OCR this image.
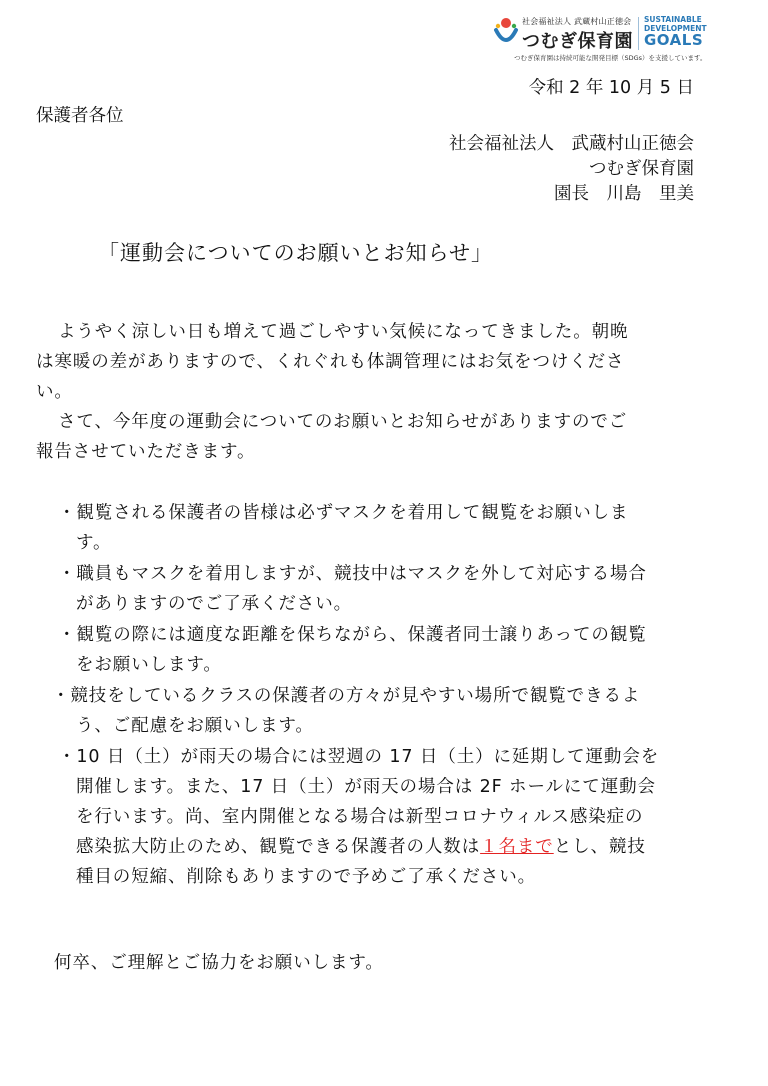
社会福祉法人 武蔵村山正徳会
つむぎ保育園
SUSTAINABLE
DEVELOPMENT
GOALS
つむぎ保育園は持続可能な開発目標（SDGs）を支援しています。
令和 2 年 10 月 5 日
保護者各位
社会福祉法人　武蔵村山正徳会
つむぎ保育園
園長　川島　里美
「運動会についてのお願いとお知らせ」
ようやく涼しい日も増えて過ごしやすい気候になってきました。朝晩
は寒暖の差がありますので、くれぐれも体調管理にはお気をつけくださ
い。
さて、今年度の運動会についてのお願いとお知らせがありますのでご
報告させていただきます。
・観覧される保護者の皆様は必ずマスクを着用して観覧をお願いしま
す。
・職員もマスクを着用しますが、競技中はマスクを外して対応する場合
がありますのでご了承ください。
・観覧の際には適度な距離を保ちながら、保護者同士譲りあっての観覧
をお願いします。
・競技をしているクラスの保護者の方々が見やすい場所で観覧できるよ
う、ご配慮をお願いします。
・10 日（土）が雨天の場合には翌週の 17 日（土）に延期して運動会を
開催します。また、17 日（土）が雨天の場合は 2F ホールにて運動会
を行います。尚、室内開催となる場合は新型コロナウィルス感染症の
感染拡大防止のため、観覧できる保護者の人数は１名までとし、競技
種目の短縮、削除もありますので予めご了承ください。
何卒、ご理解とご協力をお願いします。
